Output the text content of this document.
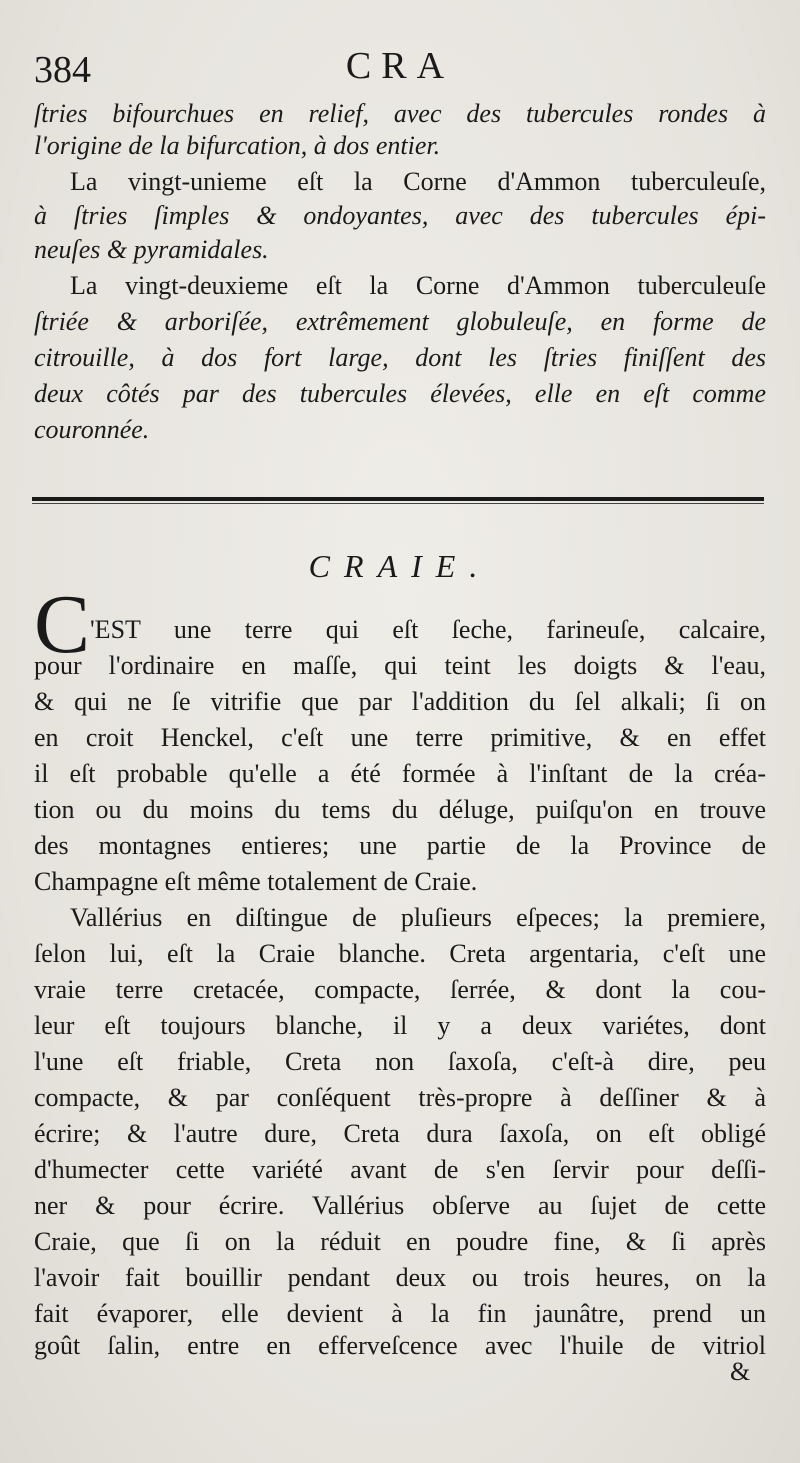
384	CRA
ſtries bifourchues en relief, avec des tubercules rondes à
l'origine de la bifurcation, à dos entier.
La vingt-unieme eſt la Corne d'Ammon tuberculeuſe,
à ſtries ſimples & ondoyantes, avec des tubercules épi-
neuſes & pyramidales.
La vingt-deuxieme eſt la Corne d'Ammon tuberculeuſe
ſtriée & arboriſée, extrêmement globuleuſe, en forme de
citrouille, à dos fort large, dont les ſtries finiſſent des
deux côtés par des tubercules élevées, elle en eſt comme
couronnée.
CRAIE.
C 'EST une terre qui eſt ſeche, farineuſe, calcaire,
pour l'ordinaire en maſſe, qui teint les doigts & l'eau,
& qui ne ſe vitrifie que par l'addition du ſel alkali; ſi on
en croit Henckel, c'eſt une terre primitive, & en effet
il eſt probable qu'elle a été formée à l'inſtant de la créa-
tion ou du moins du tems du déluge, puiſqu'on en trouve
des montagnes entieres; une partie de la Province de
Champagne eſt même totalement de Craie.
Vallérius en diſtingue de pluſieurs eſpeces; la premiere,
ſelon lui, eſt la Craie blanche. Creta argentaria, c'eſt une
vraie terre cretacée, compacte, ſerrée, & dont la cou-
leur eſt toujours blanche, il y a deux variétes, dont
l'une eſt friable, Creta non ſaxoſa, c'eſt-à dire, peu
compacte, & par conſéquent très-propre à deſſiner & à
écrire; & l'autre dure, Creta dura ſaxoſa, on eſt obligé
d'humecter cette variété avant de s'en ſervir pour deſſi-
ner & pour écrire. Vallérius obſerve au ſujet de cette
Craie, que ſi on la réduit en poudre fine, & ſi après
l'avoir fait bouillir pendant deux ou trois heures, on la
fait évaporer, elle devient à la fin jaunâtre, prend un
goût ſalin, entre en effervеſcence avec l'huile de vitriol
&
